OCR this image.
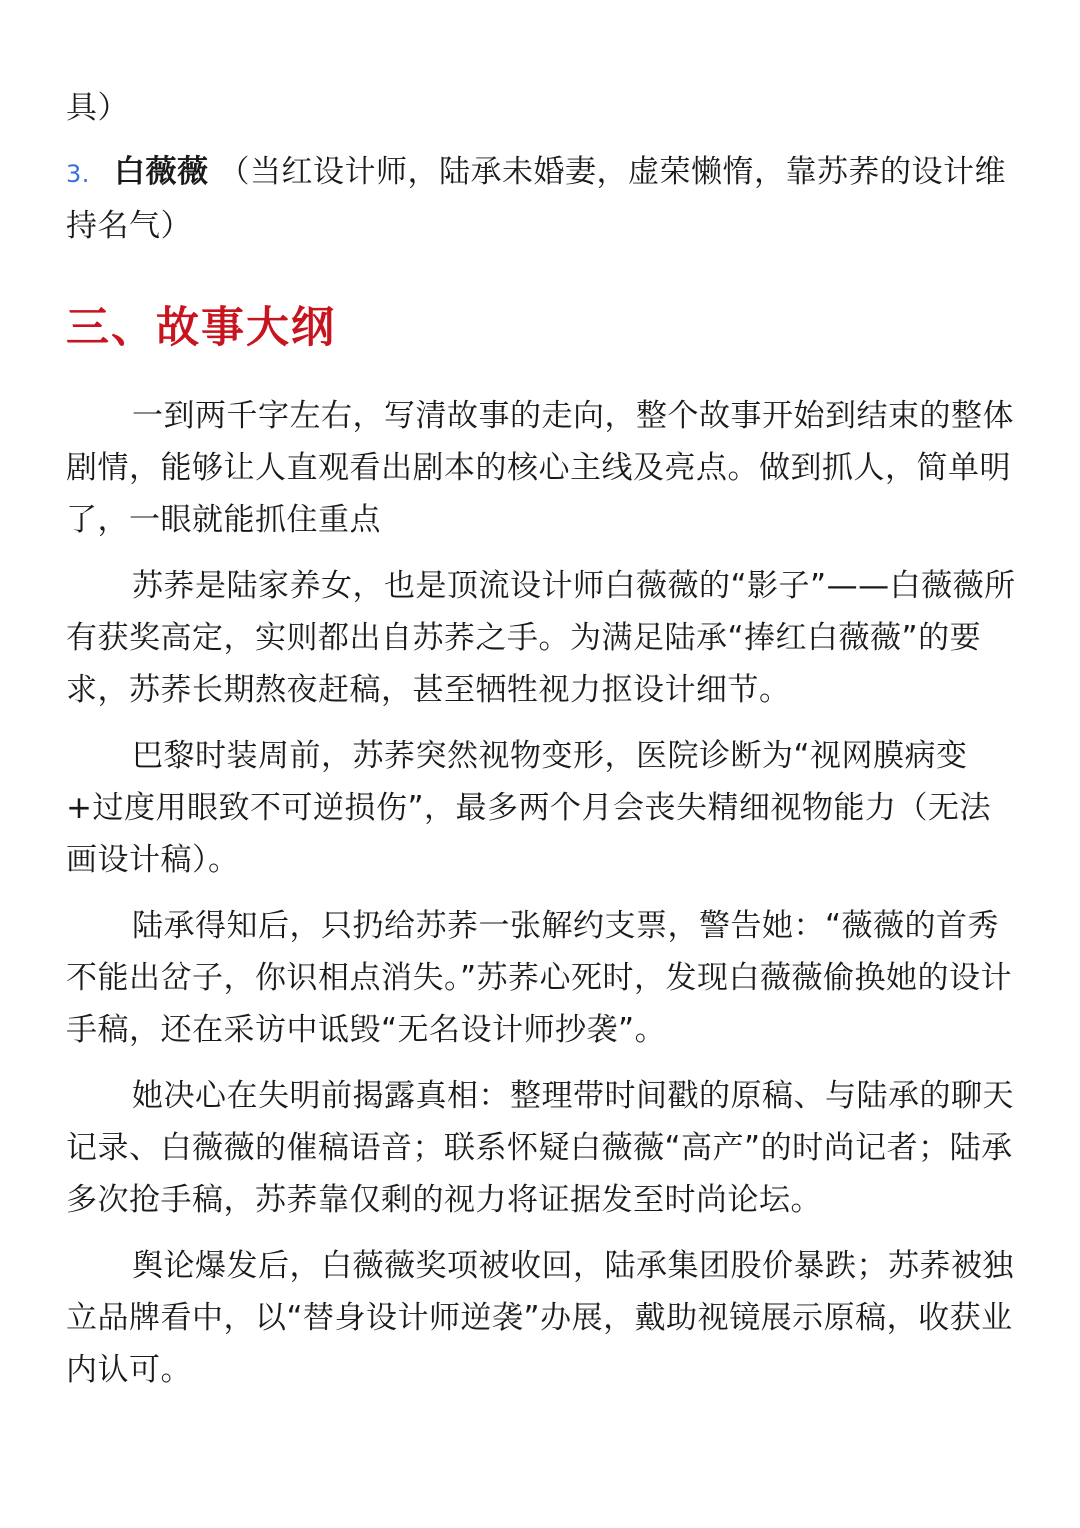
具）

3. 白薇薇 （当红设计师，陆承未婚妻，虚荣懒惰，靠苏荞的设计维持名气）

三、故事大纲

一到两千字左右，写清故事的走向，整个故事开始到结束的整体剧情，能够让人直观看出剧本的核心主线及亮点。做到抓人，简单明了，一眼就能抓住重点

苏荞是陆家养女，也是顶流设计师白薇薇的“影子”——白薇薇所有获奖高定，实则都出自苏荞之手。为满足陆承“捧红白薇薇”的要求，苏荞长期熬夜赶稿，甚至牺牲视力抠设计细节。

巴黎时装周前，苏荞突然视物变形，医院诊断为“视网膜病变+过度用眼致不可逆损伤”，最多两个月会丧失精细视物能力（无法画设计稿）。

陆承得知后，只扔给苏荞一张解约支票，警告她：“薇薇的首秀不能出岔子，你识相点消失。”苏荞心死时，发现白薇薇偷换她的设计手稿，还在采访中诋毁“无名设计师抄袭”。

她决心在失明前揭露真相：整理带时间戳的原稿、与陆承的聊天记录、白薇薇的催稿语音；联系怀疑白薇薇“高产”的时尚记者；陆承多次抢手稿，苏荞靠仅剩的视力将证据发至时尚论坛。

舆论爆发后，白薇薇奖项被收回，陆承集团股价暴跌；苏荞被独立品牌看中，以“替身设计师逆袭”办展，戴助视镜展示原稿，收获业内认可。
